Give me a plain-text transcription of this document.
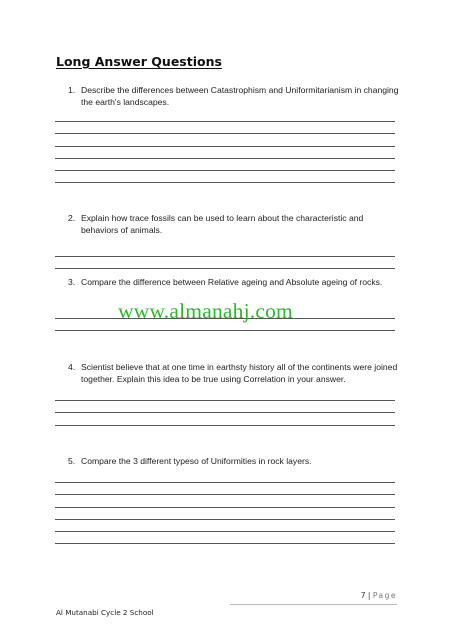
Long Answer Questions
1. Describe the differences between Catastrophism and Uniformitarianism in changing the earth's landscapes.
2. Explain how trace fossils can be used to learn about the characteristic and behaviors of animals.
3. Compare the difference between Relative ageing and Absolute ageing of rocks.
www.almanahj.com
4. Scientist believe that at one time in earthsty history all of the continents were joined together. Explain this idea to be true using Correlation in your answer.
5. Compare the 3 different typeso of Uniformities in rock layers.
7 | Page
Al Mutanabi Cycle 2 School
